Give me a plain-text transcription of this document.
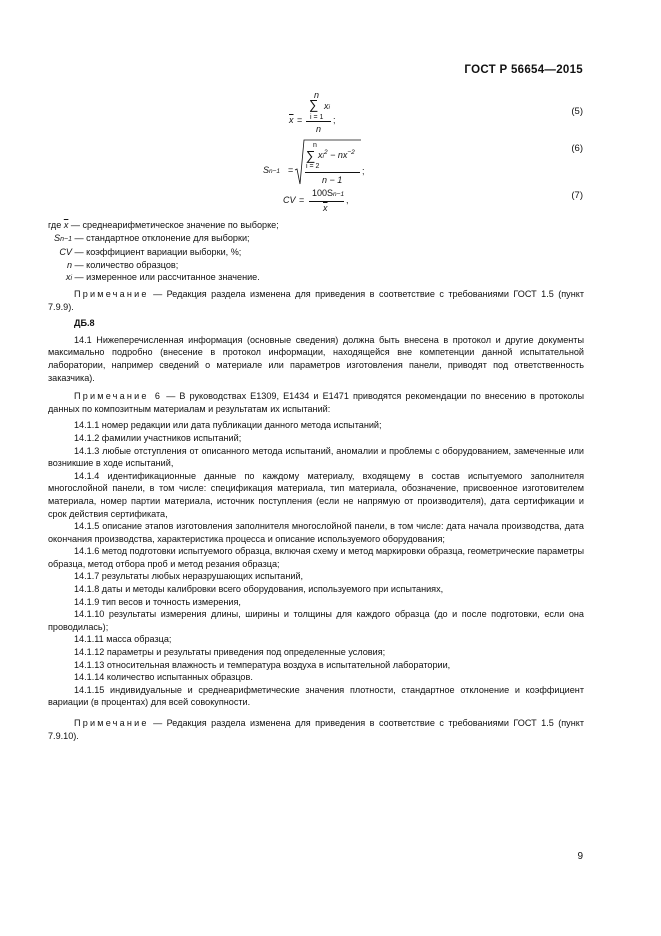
ГОСТ Р 56654—2015
n
∑ xi
i = 1
$\overline{x}$ =	;
n
(5)
Sn−1 =
n
∑ $xi^2 - nx^{-2}$
i = 2	;
n − 1
(6)
100Sn−1
CV =	,
$\overline{x}$
(7)
где $\overline{x}$ — среднеарифметическое значение по выборке;
Sn−1 — стандартное отклонение для выборки;
CV — коэффициент вариации выборки, %;
n — количество образцов;
xi — измеренное или рассчитанное значение.

Примечание — Редакция раздела изменена для приведения в соответствие с требованиями ГОСТ 1.5 (пункт 7.9.9).

ДБ.8

14.1 Нижеперечисленная информация (основные сведения) должна быть внесена в протокол и другие документы максимально подробно (внесение в протокол информации, находящейся вне компетенции данной испытательной лаборатории, например сведений о материале или параметров изготовления панели, приводят под ответственность заказчика).

Примечание 6 — В руководствах E1309, E1434 и E1471 приводятся рекомендации по внесению в протоколы данных по композитным материалам и результатам их испытаний:

14.1.1 номер редакции или дата публикации данного метода испытаний;

14.1.2 фамилии участников испытаний;

14.1.3 любые отступления от описанного метода испытаний, аномалии и проблемы с оборудованием, замеченные или возникшие в ходе испытаний,

14.1.4 идентификационные данные по каждому материалу, входящему в состав испытуемого заполнителя многослойной панели, в том числе: спецификация материала, тип материала, обозначение, присвоенное изготовителем материала, номер партии материала, источник поступления (если не напрямую от производителя), дата сертификации и срок действия сертификата,

14.1.5 описание этапов изготовления заполнителя многослойной панели, в том числе: дата начала производства, дата окончания производства, характеристика процесса и описание используемого оборудования;

14.1.6 метод подготовки испытуемого образца, включая схему и метод маркировки образца, геометрические параметры образца, метод отбора проб и метод резания образца;

14.1.7 результаты любых неразрушающих испытаний,

14.1.8 даты и методы калибровки всего оборудования, используемого при испытаниях,

14.1.9 тип весов и точность измерения,

14.1.10 результаты измерения длины, ширины и толщины для каждого образца (до и после подготовки, если она проводилась);

14.1.11 масса образца;

14.1.12 параметры и результаты приведения под определенные условия;

14.1.13 относительная влажность и температура воздуха в испытательной лаборатории,

14.1.14 количество испытанных образцов.

14.1.15 индивидуальные и среднеарифметические значения плотности, стандартное отклонение и коэффициент вариации (в процентах) для всей совокупности.

Примечание — Редакция раздела изменена для приведения в соответствие с требованиями ГОСТ 1.5 (пункт 7.9.10).

9
